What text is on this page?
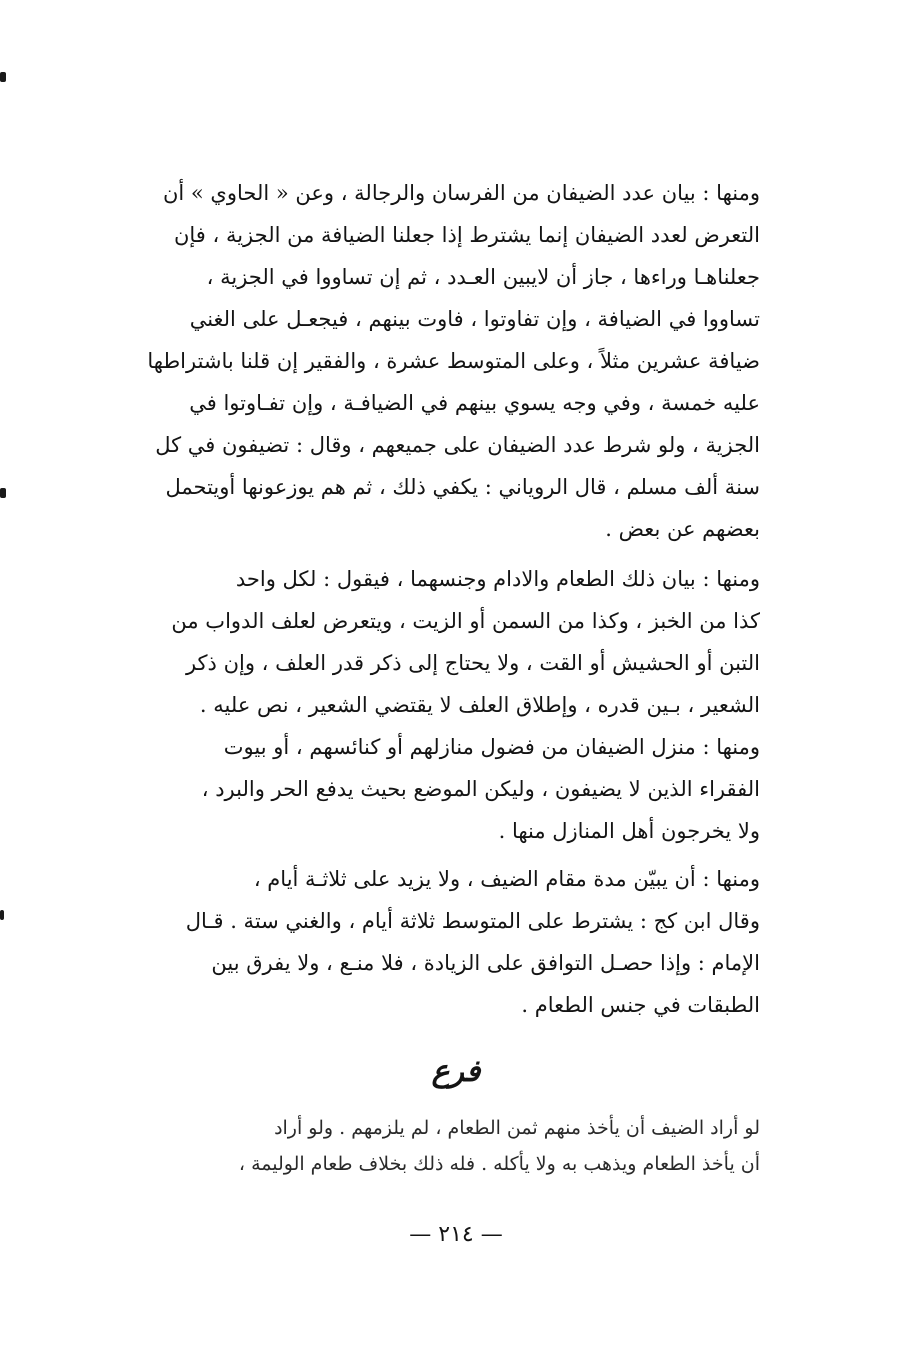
ومنها : بيان عدد الضيفان من الفرسان والرجالة ، وعن « الحاوي » أن
التعرض لعدد الضيفان إنما يشترط إذا جعلنا الضيافة من الجزية ، فإن
جعلناهـا وراءها ، جاز أن لايبين العـدد ، ثم إن تساووا في الجزية ،
تساووا في الضيافة ، وإن تفاوتوا ، فاوت بينهم ، فيجعـل على الغني
ضيافة عشرين مثلاً ، وعلى المتوسط عشرة ، والفقير إن قلنا باشتراطها
عليه خمسة ، وفي وجه يسوي بينهم في الضيافـة ، وإن تفـاوتوا في
الجزية ، ولو شرط عدد الضيفان على جميعهم ، وقال : تضيفون في كل
سنة ألف مسلم ، قال الروياني : يكفي ذلك ، ثم هم يوزعونها أويتحمل
بعضهم عن بعض .
ومنها : بيان ذلك الطعام والادام وجنسهما ، فيقول : لكل واحد
كذا من الخبز ، وكذا من السمن أو الزيت ، ويتعرض لعلف الدواب من
التبن أو الحشيش أو القت ، ولا يحتاج إلى ذكر قدر العلف ، وإن ذكر
الشعير ، بـين قدره ، وإطلاق العلف لا يقتضي الشعير ، نص عليه .
ومنها : منزل الضيفان من فضول منازلهم أو كنائسهم ، أو بيوت
الفقراء الذين لا يضيفون ، وليكن الموضع بحيث يدفع الحر والبرد ،
ولا يخرجون أهل المنازل منها .
ومنها : أن يبيّن مدة مقام الضيف ، ولا يزيد على ثلاثـة أيام ،
وقال ابن كج : يشترط على المتوسط ثلاثة أيام ، والغني ستة . قـال
الإمام : وإذا حصـل التوافق على الزيادة ، فلا منـع ، ولا يفرق بين
الطبقات في جنس الطعام .
فرع
لو أراد الضيف أن يأخذ منهم ثمن الطعام ، لم يلزمهم . ولو أراد
أن يأخذ الطعام ويذهب به ولا يأكله . فله ذلك بخلاف طعام الوليمة ،
— ٢١٤ —
